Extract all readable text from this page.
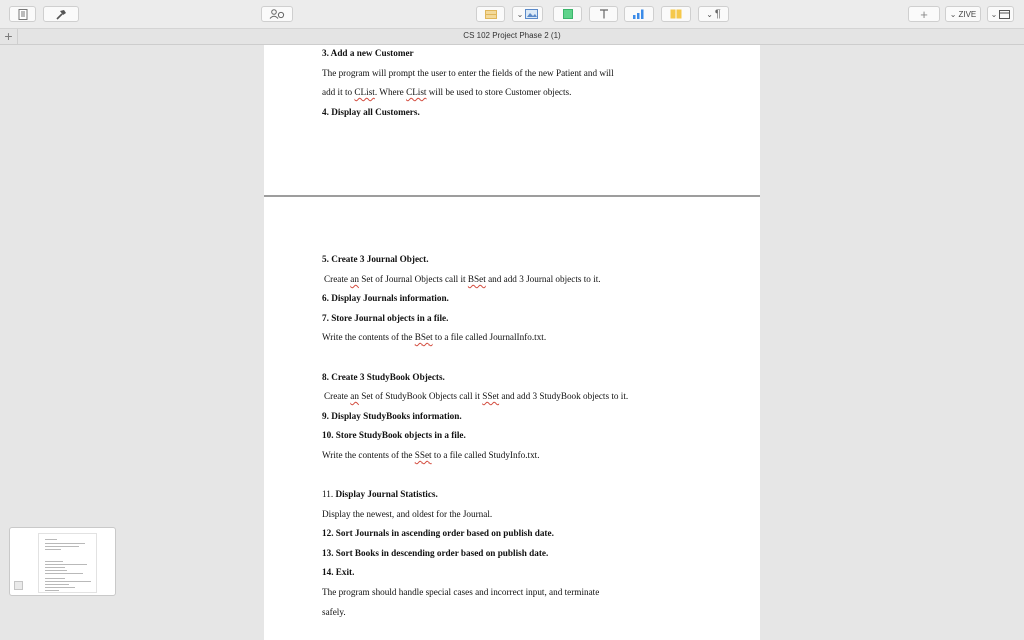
⌄	⌄ ¶	+	⌄ ZIVE ⌄
+	CS 102 Project Phase 2 (1)
3. Add a new Customer
The program will prompt the user to enter the fields of the new Patient and will
add it to CList. Where CList will be used to store Customer objects.
4. Display all Customers.
5. Create 3 Journal Object.
Create an Set of Journal Objects call it BSet and add 3 Journal objects to it.
6. Display Journals information.
7. Store Journal objects in a file.
Write the contents of the BSet to a file called JournalInfo.txt.
8. Create 3 StudyBook Objects.
Create an Set of StudyBook Objects call it SSet and add 3 StudyBook objects to it.
9. Display StudyBooks information.
10. Store StudyBook objects in a file.
Write the contents of the SSet to a file called StudyInfo.txt.
11. Display Journal Statistics.
Display the newest, and oldest for the Journal.
12. Sort Journals in ascending order based on publish date.
13. Sort Books in descending order based on publish date.
14. Exit.
The program should handle special cases and incorrect input, and terminate
safely.
